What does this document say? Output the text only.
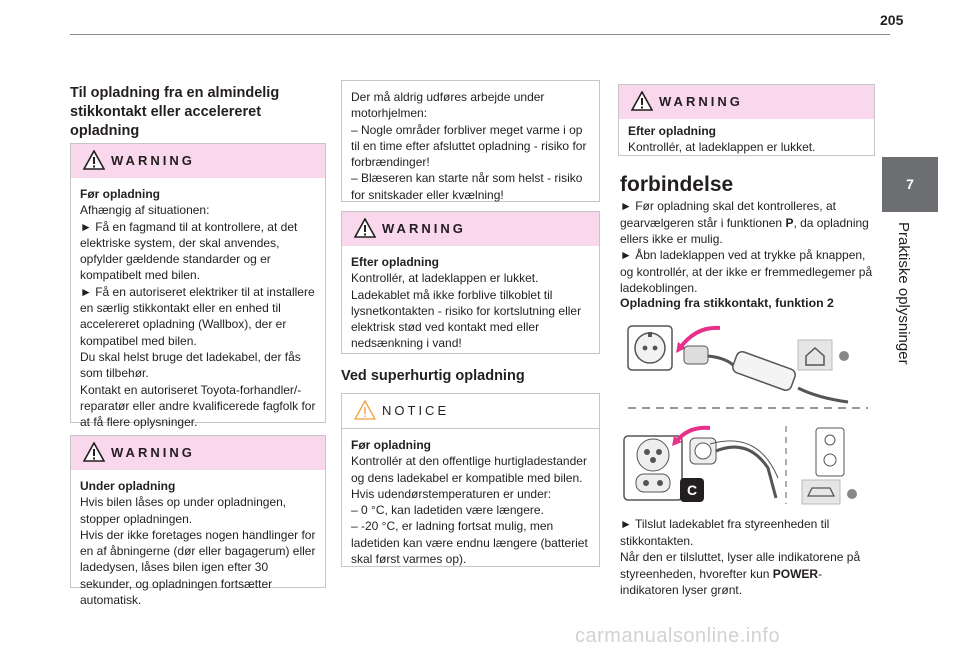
205
7
Praktiske oplysninger
Til opladning fra en almindelig stikkontakt eller accelereret opladning
WARNING
Før opladning
Afhængig af situationen:
► Få en fagmand til at kontrollere, at det elektriske system, der skal anvendes, opfylder gældende standarder og er kompatibelt med bilen.
► Få en autoriseret elektriker til at installere en særlig stikkontakt eller en enhed til accelereret opladning (Wallbox), der er kompatibel med bilen.
Du skal helst bruge det ladekabel, der fås som tilbehør.
Kontakt en autoriseret Toyota-forhandler/-reparatør eller andre kvalificerede fagfolk for at få flere oplysninger.
WARNING
Under opladning
Hvis bilen låses op under opladningen, stopper opladningen.
Hvis der ikke foretages nogen handlinger for en af åbningerne (dør eller bagagerum) eller ladedysen, låses bilen igen efter 30 sekunder, og opladningen fortsætter automatisk.
Der må aldrig udføres arbejde under motorhjelmen:
– Nogle områder forbliver meget varme i op til en time efter afsluttet opladning - risiko for forbrændinger!
– Blæseren kan starte når som helst - risiko for snitskader eller kvælning!
WARNING
Efter opladning
Kontrollér, at ladeklappen er lukket.
Ladekablet må ikke forblive tilkoblet til lysnetkontakten - risiko for kortslutning eller elektrisk stød ved kontakt med eller nedsænkning i vand!
Ved superhurtig opladning
NOTICE
Før opladning
Kontrollér at den offentlige hurtigladestander og dens ladekabel er kompatible med bilen.
Hvis udendørstemperaturen er under:
– 0 °C, kan ladetiden være længere.
– -20 °C, er ladning fortsat mulig, men ladetiden kan være endnu længere (batteriet skal først varmes op).
WARNING
Efter opladning
Kontrollér, at ladeklappen er lukket.
forbindelse
► Før opladning skal det kontrolleres, at gearvælgeren står i funktionen P, da opladning ellers ikke er mulig.
► Åbn ladeklappen ved at trykke på knappen, og kontrollér, at der ikke er fremmedlegemer på ladekoblingen.
Opladning fra stikkontakt, funktion 2
C
► Tilslut ladekablet fra styreenheden til stikkontakten.
Når den er tilsluttet, lyser alle indikatorene på styreenheden, hvorefter kun POWER-indikatoren lyser grønt.
carmanualsonline.info
